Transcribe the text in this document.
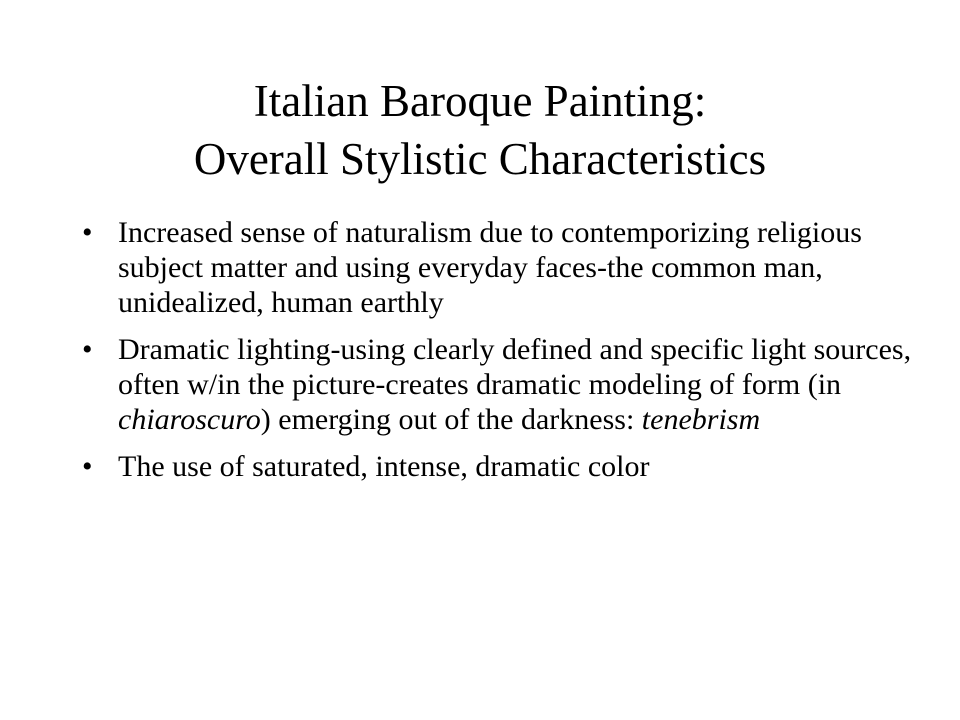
Italian Baroque Painting:
Overall Stylistic Characteristics
• Increased sense of naturalism due to contemporizing religious subject matter and using everyday faces-the common man, unidealized, human earthly
• Dramatic lighting-using clearly defined and specific light sources, often w/in the picture-creates dramatic modeling of form (in chiaroscuro) emerging out of the darkness: tenebrism
• The use of saturated, intense, dramatic color
